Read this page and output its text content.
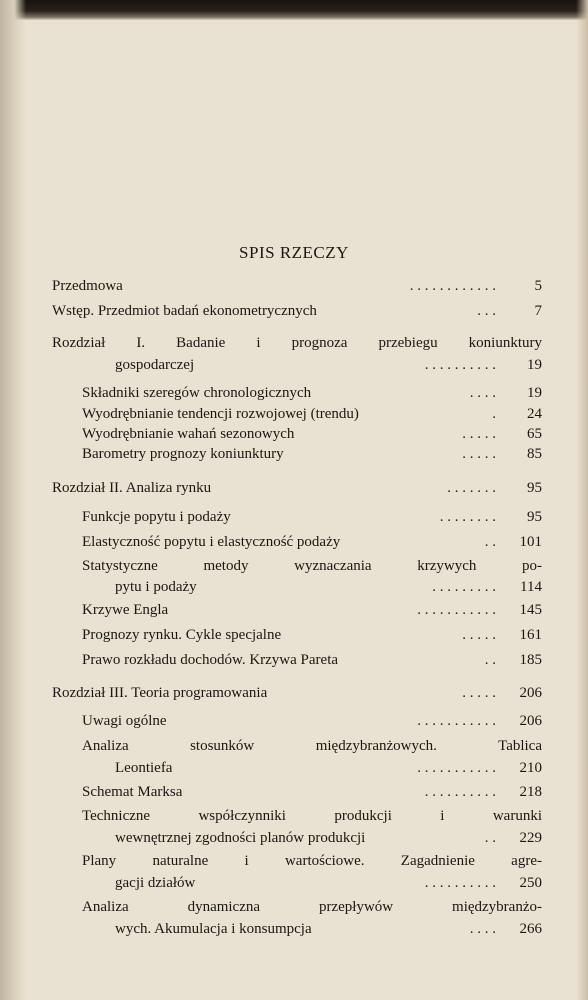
SPIS RZECZY
Przedmowa	. . . . . . . . . . . .	5
Wstęp. Przedmiot badań ekonometrycznych	. . .	7
Rozdział I. Badanie i prognoza przebiegu koniunktury
gospodarczej	. . . . . . . . . . 19
Składniki szeregów chronologicznych	. . . . 19
Wyodrębnianie tendencji rozwojowej (trendu)	. 24
Wyodrębnianie wahań sezonowych	. . . . . 65
Barometry prognozy koniunktury	. . . . . 85
Rozdział II. Analiza rynku	. . . . . . . 95
Funkcje popytu i podaży	. . . . . . . . 95
Elastyczność popytu i elastyczność podaży	. . 101
Statystyczne metody wyznaczania krzywych po-
pytu i podaży	. . . . . . . . . 114
Krzywe Engla	. . . . . . . . . . . 145
Prognozy rynku. Cykle specjalne	. . . . . 161
Prawo rozkładu dochodów. Krzywa Pareta	. . 185
Rozdział III. Teoria programowania	. . . . . 206
Uwagi ogólne	. . . . . . . . . . . 206
Analiza stosunków międzybranżowych. Tablica
Leontiefa	. . . . . . . . . . . 210
Schemat Marksa	. . . . . . . . . . 218
Techniczne współczynniki produkcji i warunki
wewnętrznej zgodności planów produkcji	. . 229
Plany naturalne i wartościowe. Zagadnienie agre-
gacji działów	. . . . . . . . . . 250
Analiza dynamiczna przepływów międzybranżo-
wych. Akumulacja i konsumpcja	. . . . 266
